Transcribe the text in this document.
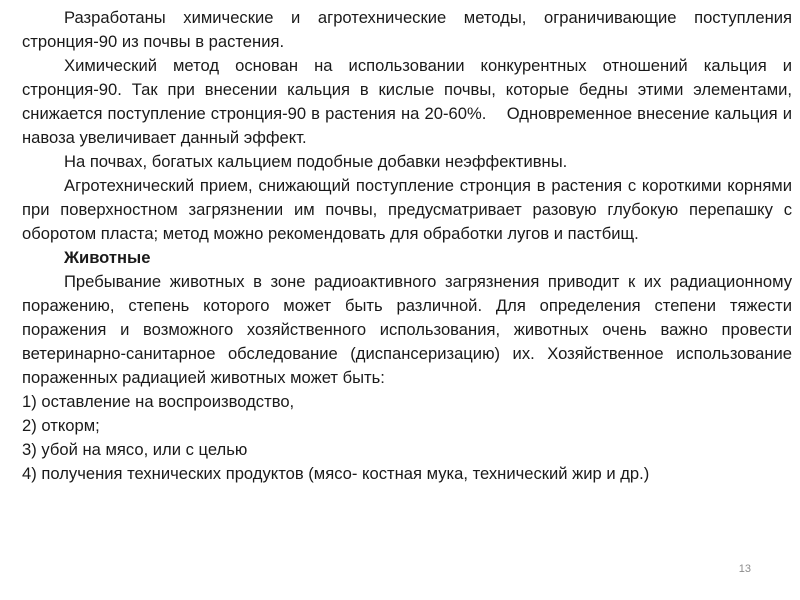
Разработаны химические и агротехнические методы, ограничивающие поступления стронция-90 из почвы в растения.

Химический метод основан на использовании конкурентных отношений кальция и стронция-90. Так при внесении кальция в кислые почвы, которые бедны этими элементами, снижается поступление стронция-90 в растения на 20-60%.    Одновременное внесение кальция и навоза увеличивает данный эффект.

На почвах, богатых кальцием подобные добавки неэффективны.

Агротехнический прием, снижающий поступление стронция в растения с короткими корнями при поверхностном загрязнении им почвы, предусматривает разовую глубокую перепашку с оборотом пласта; метод можно рекомендовать для обработки лугов и пастбищ.

Животные

Пребывание животных в зоне радиоактивного загрязнения приводит к их радиационному поражению, степень которого может быть различной. Для определения степени тяжести поражения и возможного хозяйственного использования, животных очень важно провести ветеринарно-санитарное обследование (диспансеризацию) их. Хозяйственное использование пораженных радиацией животных может быть:

1) оставление на воспроизводство,

2) откорм;

3) убой на мясо, или с целью

4) получения технических продуктов (мясо- костная мука, технический жир и др.)

13
